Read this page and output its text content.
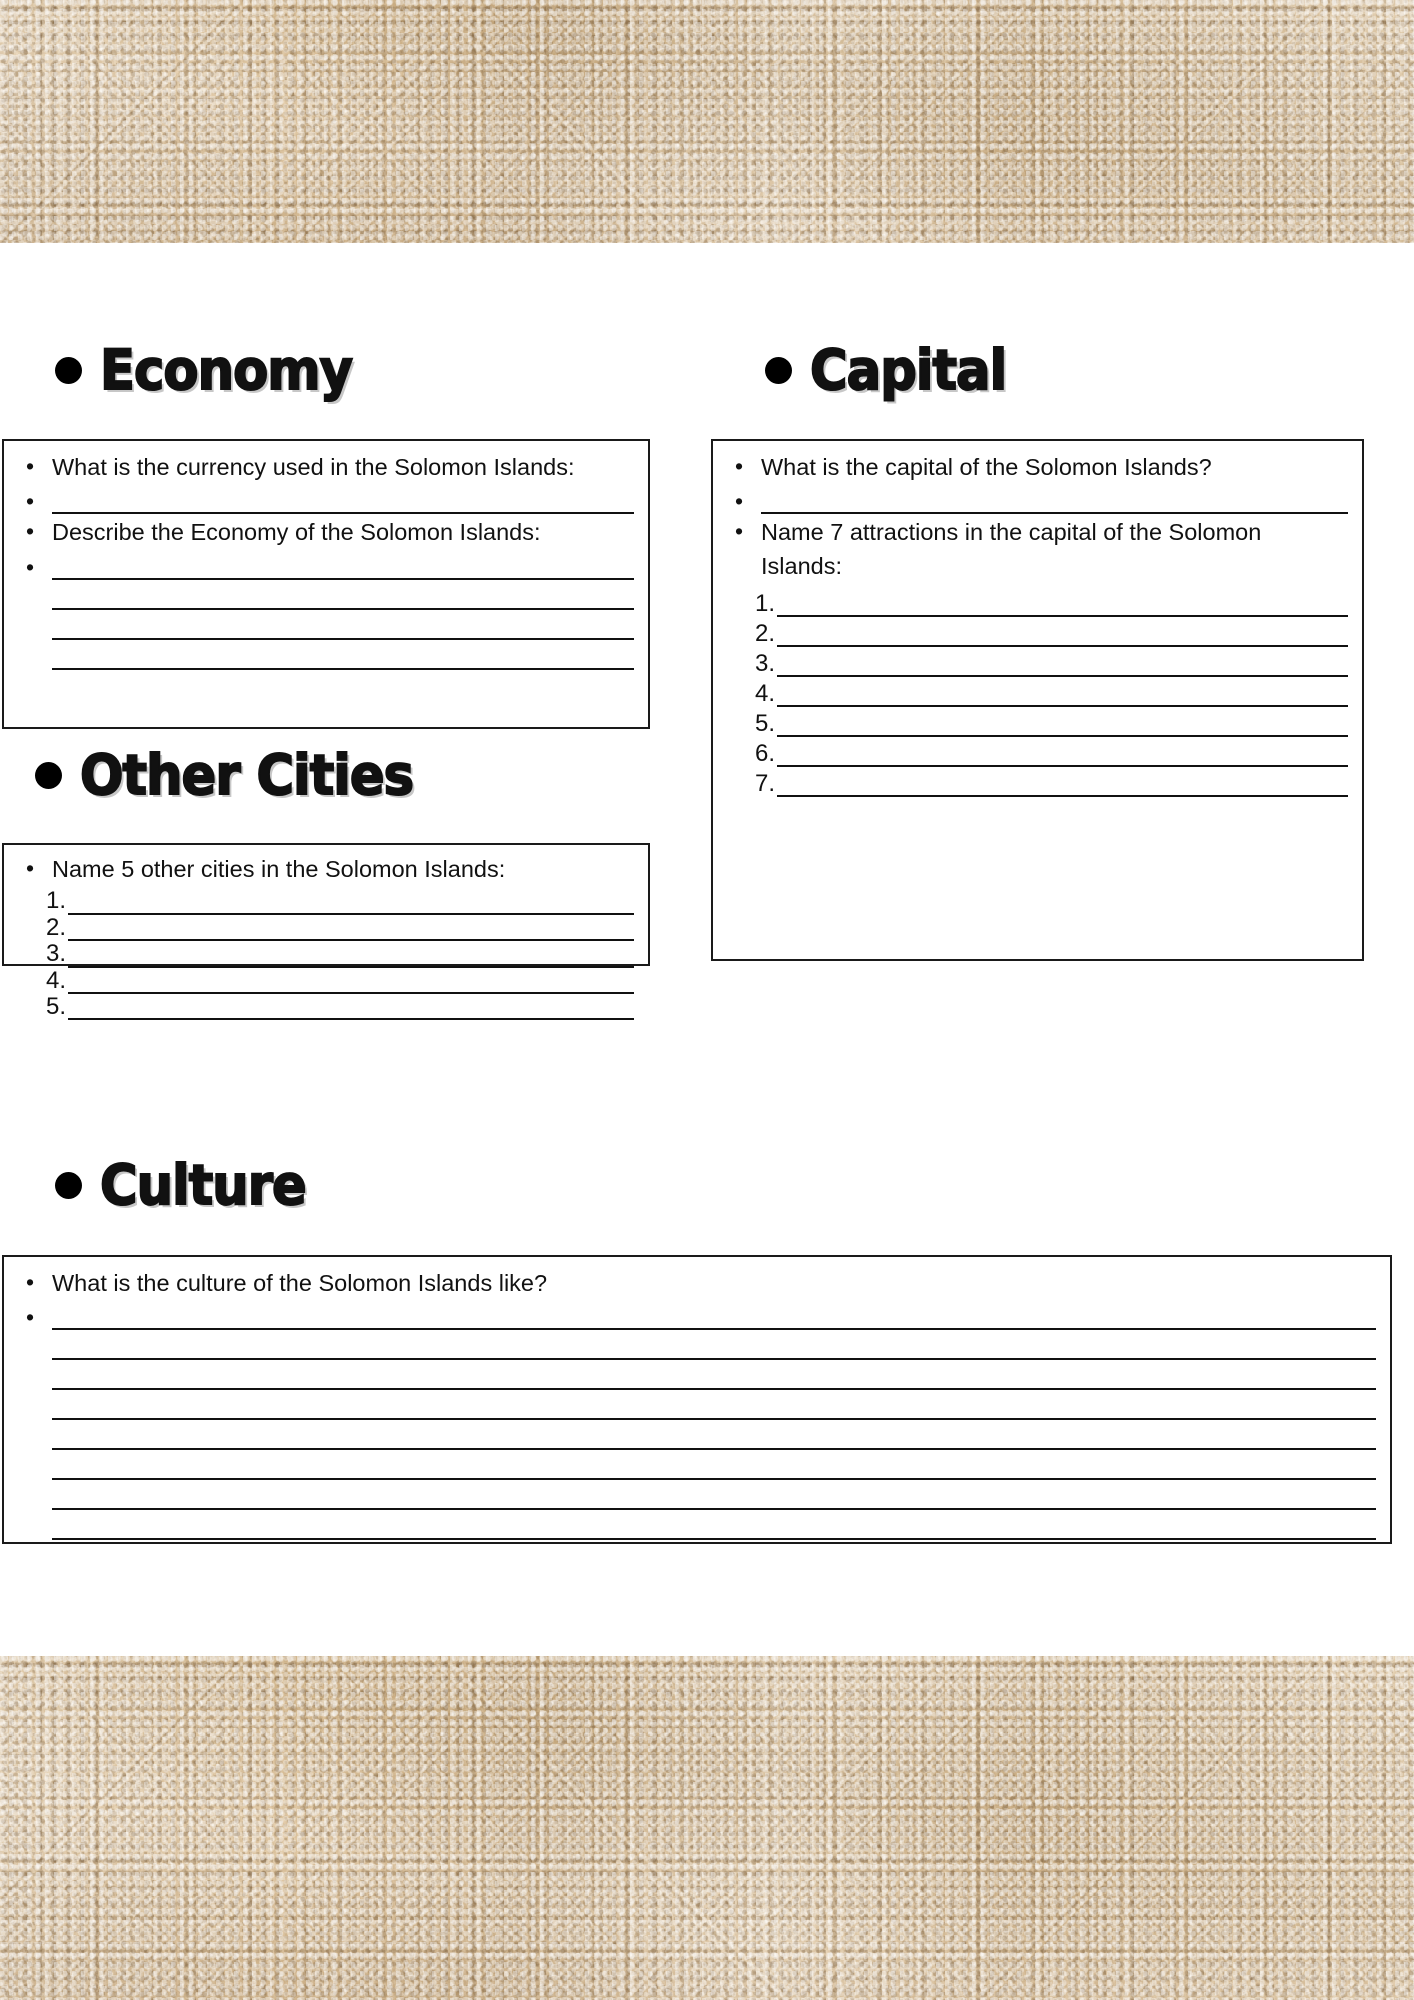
Economy
• What is the currency used in the Solomon Islands:
•
• Describe the Economy of the Solomon Islands:
•
Capital
• What is the capital of the Solomon Islands?
•
• Name 7 attractions in the capital of the Solomon Islands:
Other Cities
• Name 5 other cities in the Solomon Islands:
Culture
• What is the culture of the Solomon Islands like?
•
